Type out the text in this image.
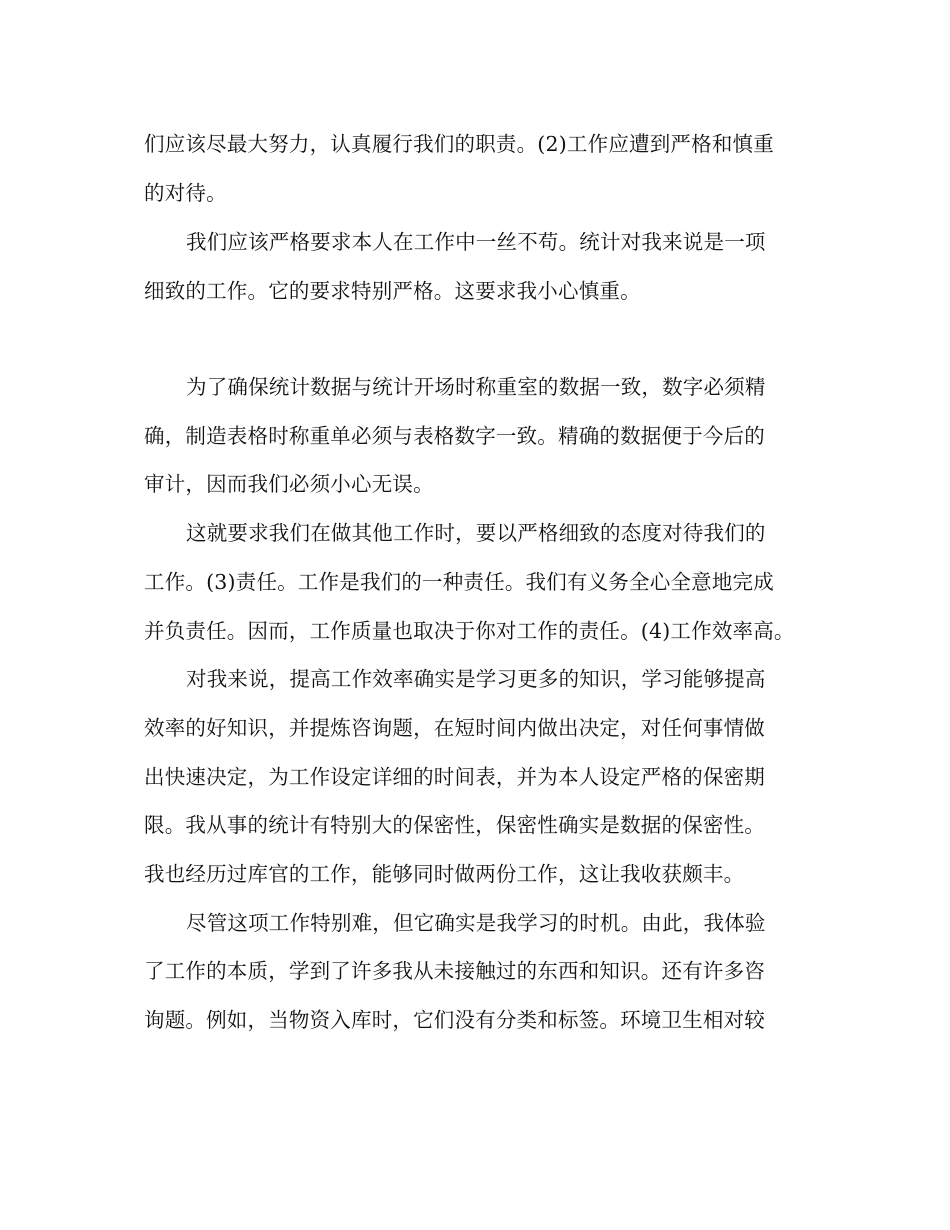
们应该尽最大努力，认真履行我们的职责。(2)工作应遭到严格和慎重
的对待。
我们应该严格要求本人在工作中一丝不苟。统计对我来说是一项
细致的工作。它的要求特别严格。这要求我小心慎重。
为了确保统计数据与统计开场时称重室的数据一致，数字必须精
确，制造表格时称重单必须与表格数字一致。精确的数据便于今后的
审计，因而我们必须小心无误。
这就要求我们在做其他工作时，要以严格细致的态度对待我们的
工作。(3)责任。工作是我们的一种责任。我们有义务全心全意地完成
并负责任。因而，工作质量也取决于你对工作的责任。(4)工作效率高。
对我来说，提高工作效率确实是学习更多的知识，学习能够提高
效率的好知识，并提炼咨询题，在短时间内做出决定，对任何事情做
出快速决定，为工作设定详细的时间表，并为本人设定严格的保密期
限。我从事的统计有特别大的保密性，保密性确实是数据的保密性。
我也经历过库官的工作，能够同时做两份工作，这让我收获颇丰。
尽管这项工作特别难，但它确实是我学习的时机。由此，我体验
了工作的本质，学到了许多我从未接触过的东西和知识。还有许多咨
询题。例如，当物资入库时，它们没有分类和标签。环境卫生相对较
